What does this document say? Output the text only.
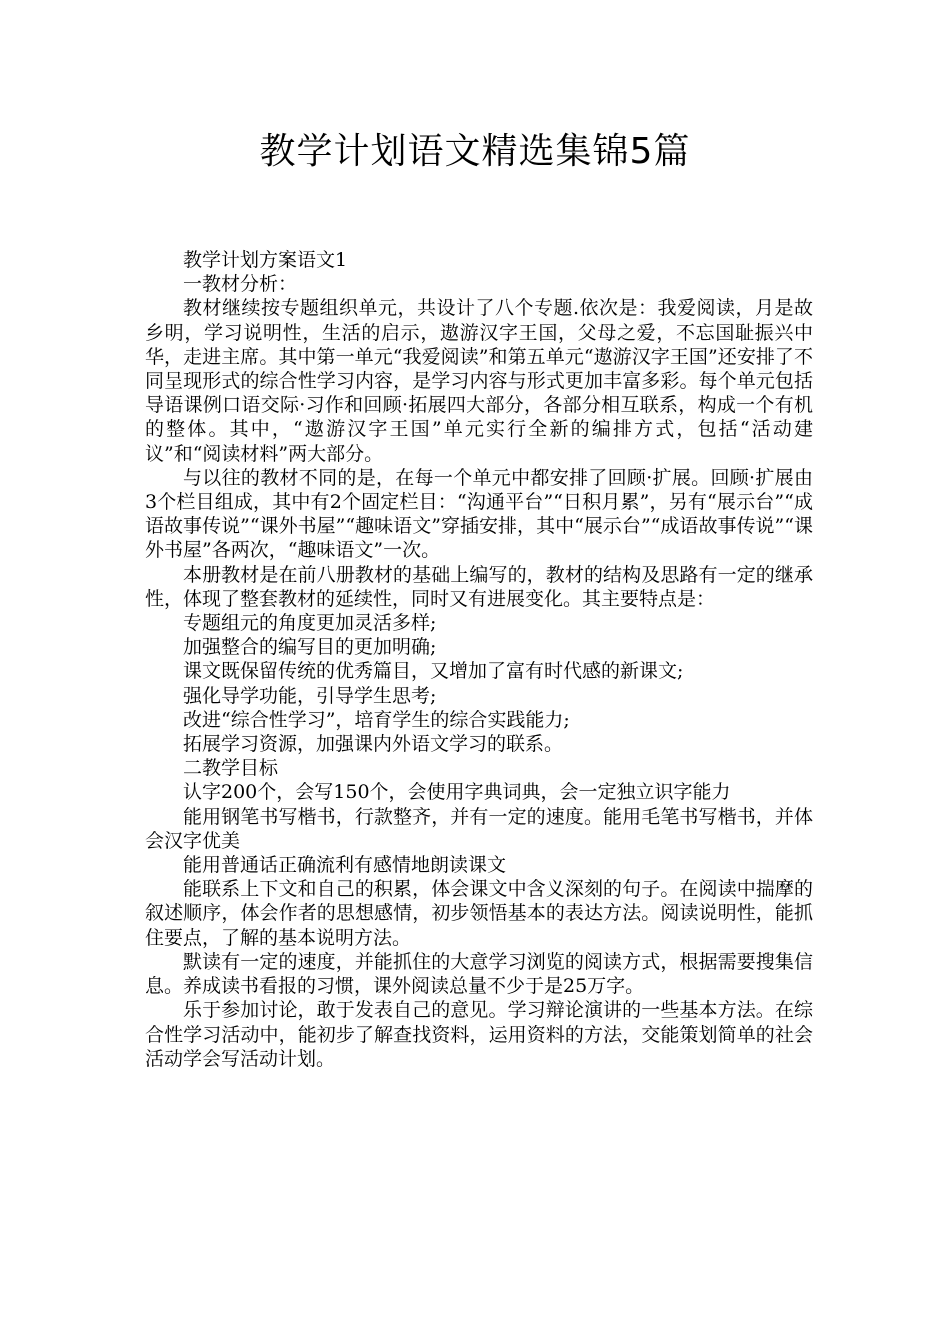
教学计划语文精选集锦5篇

教学计划方案语文1

一教材分析：

教材继续按专题组织单元，共设计了八个专题.依次是：我爱阅读，月是故乡明，学习说明性，生活的启示，遨游汉字王国，父母之爱，不忘国耻振兴中华，走进主席。其中第一单元“我爱阅读”和第五单元“遨游汉字王国”还安排了不同呈现形式的综合性学习内容，是学习内容与形式更加丰富多彩。每个单元包括导语课例口语交际·习作和回顾·拓展四大部分，各部分相互联系，构成一个有机的整体。其中，“遨游汉字王国”单元实行全新的编排方式，包括“活动建议”和“阅读材料”两大部分。

与以往的教材不同的是，在每一个单元中都安排了回顾·扩展。回顾·扩展由3个栏目组成，其中有2个固定栏目：“沟通平台”“日积月累”，另有“展示台”“成语故事传说”“课外书屋”“趣味语文”穿插安排，其中“展示台”“成语故事传说”“课外书屋”各两次，“趣味语文”一次。

本册教材是在前八册教材的基础上编写的，教材的结构及思路有一定的继承性，体现了整套教材的延续性，同时又有进展变化。其主要特点是：

专题组元的角度更加灵活多样;

加强整合的编写目的更加明确;

课文既保留传统的优秀篇目，又增加了富有时代感的新课文;

强化导学功能，引导学生思考;

改进“综合性学习”，培育学生的综合实践能力;

拓展学习资源，加强课内外语文学习的联系。

二教学目标

认字200个，会写150个，会使用字典词典，会一定独立识字能力

能用钢笔书写楷书，行款整齐，并有一定的速度。能用毛笔书写楷书，并体会汉字优美

能用普通话正确流利有感情地朗读课文

能联系上下文和自己的积累，体会课文中含义深刻的句子。在阅读中揣摩的叙述顺序，体会作者的思想感情，初步领悟基本的表达方法。阅读说明性，能抓住要点，了解的基本说明方法。

默读有一定的速度，并能抓住的大意学习浏览的阅读方式，根据需要搜集信息。养成读书看报的习惯，课外阅读总量不少于是25万字。

乐于参加讨论，敢于发表自己的意见。学习辩论演讲的一些基本方法。在综合性学习活动中，能初步了解查找资料，运用资料的方法，交能策划简单的社会活动学会写活动计划。
